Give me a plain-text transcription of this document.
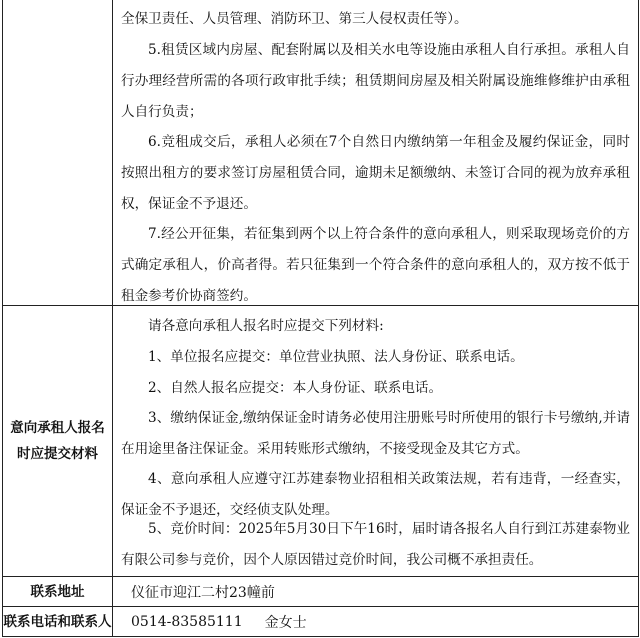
全保卫责任、人员管理、消防环卫、第三人侵权责任等）。
5.租赁区域内房屋、配套附属以及相关水电等设施由承租人自行承担。承租人自行办理经营所需的各项行政审批手续；租赁期间房屋及相关附属设施维修维护由承租人自行负责；
6.竞租成交后，承租人必须在7个自然日内缴纳第一年租金及履约保证金，同时按照出租方的要求签订房屋租赁合同，逾期未足额缴纳、未签订合同的视为放弃承租权，保证金不予退还。
7.经公开征集，若征集到两个以上符合条件的意向承租人，则采取现场竞价的方式确定承租人，价高者得。若只征集到一个符合条件的意向承租人的，双方按不低于租金参考价协商签约。
意向承租人报名时应提交材料
请各意向承租人报名时应提交下列材料:
1、单位报名应提交：单位营业执照、法人身份证、联系电话。
2、自然人报名应提交：本人身份证、联系电话。
3、缴纳保证金,缴纳保证金时请务必使用注册账号时所使用的银行卡号缴纳,并请在用途里备注保证金。采用转账形式缴纳，不接受现金及其它方式。
4、意向承租人应遵守江苏建泰物业招租相关政策法规，若有违背，一经查实，保证金不予退还，交经侦支队处理。
5、竞价时间：2025年5月30日下午16时，届时请各报名人自行到江苏建泰物业有限公司参与竞价，因个人原因错过竞价时间，我公司概不承担责任。
联系地址	仪征市迎江二村23幢前
联系电话和联系人 0514-83585111 金女士
